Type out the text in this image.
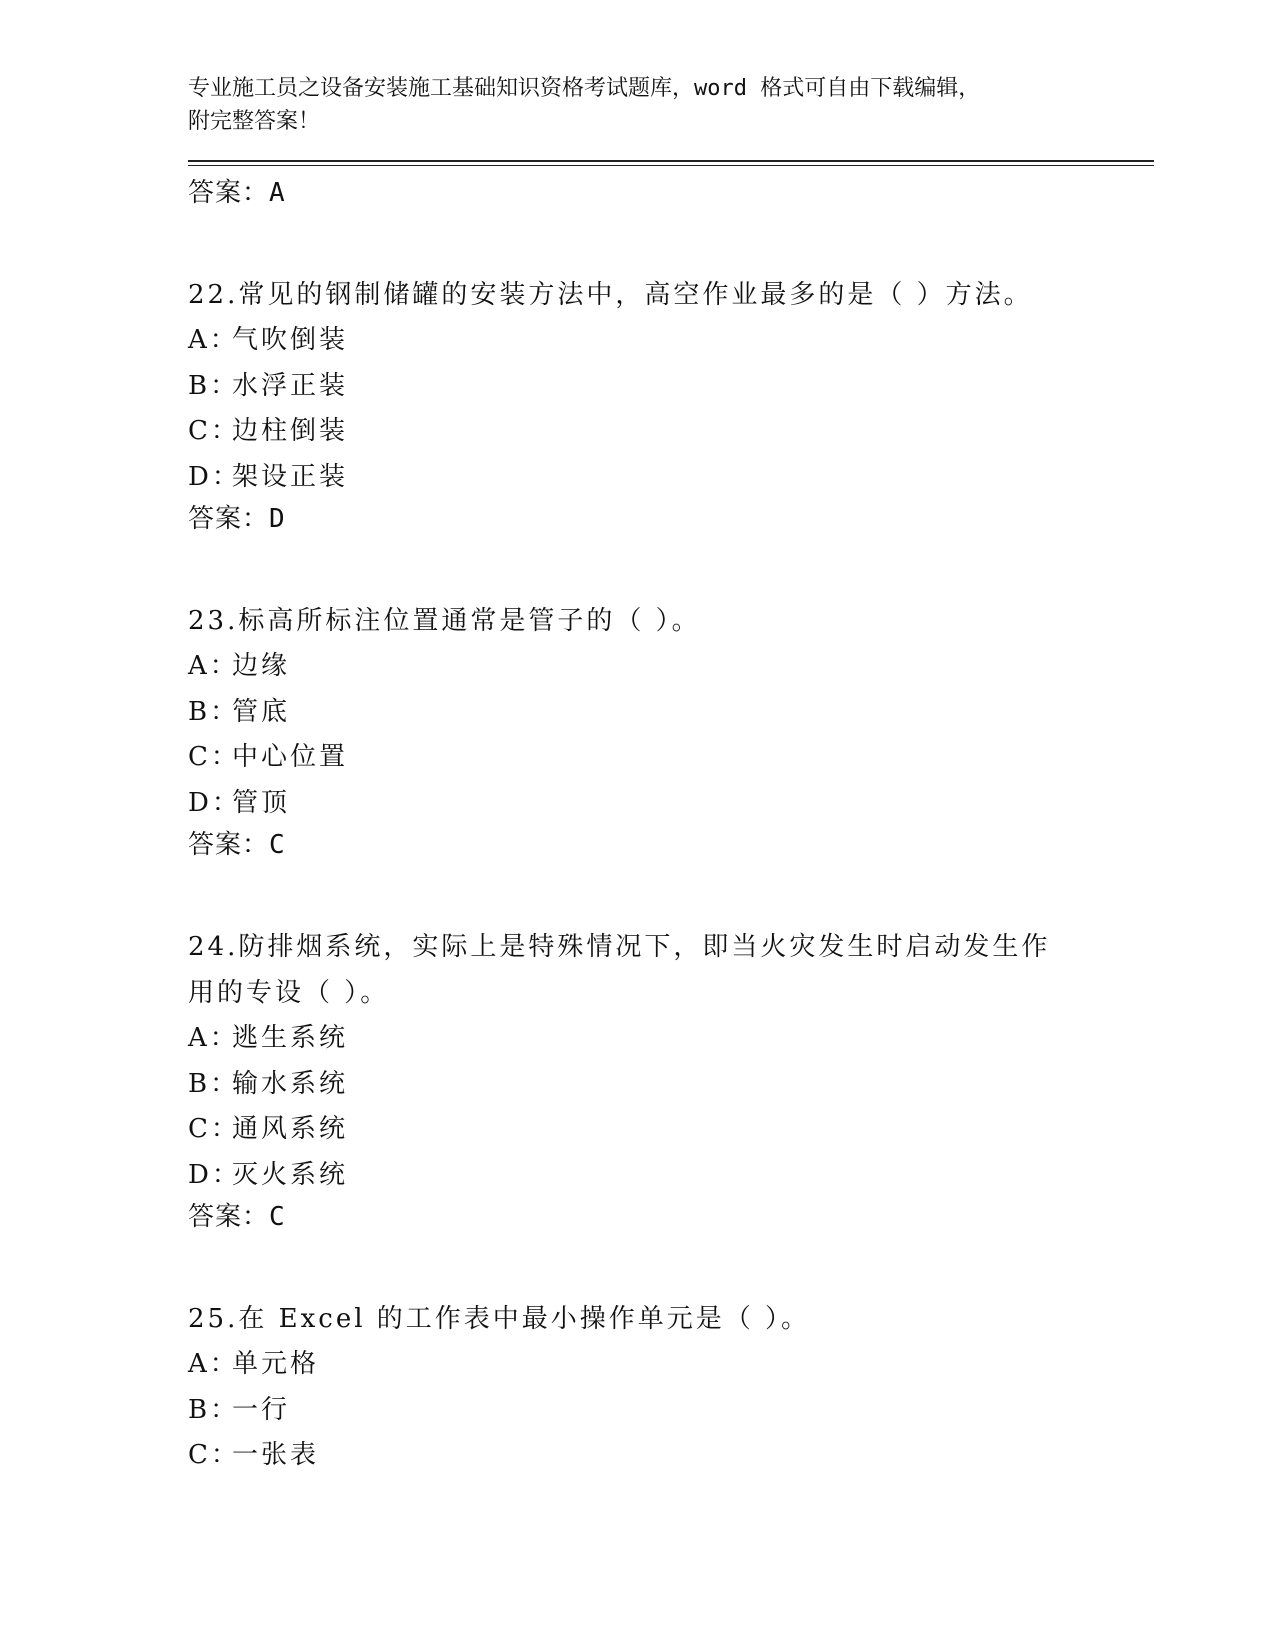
专业施工员之设备安装施工基础知识资格考试题库，word 格式可自由下载编辑，

附完整答案！

答案：A

22.常见的钢制储罐的安装方法中，高空作业最多的是（ ）方法。

A：气吹倒装

B：水浮正装

C：边柱倒装

D：架设正装

答案：D

23.标高所标注位置通常是管子的（ ）。

A：边缘

B：管底

C：中心位置

D：管顶

答案：C

24.防排烟系统，实际上是特殊情况下，即当火灾发生时启动发生作用的专设（ ）。

A：逃生系统

B：输水系统

C：通风系统

D：灭火系统

答案：C

25.在 Excel 的工作表中最小操作单元是（ ）。

A：单元格

B：一行

C：一张表
